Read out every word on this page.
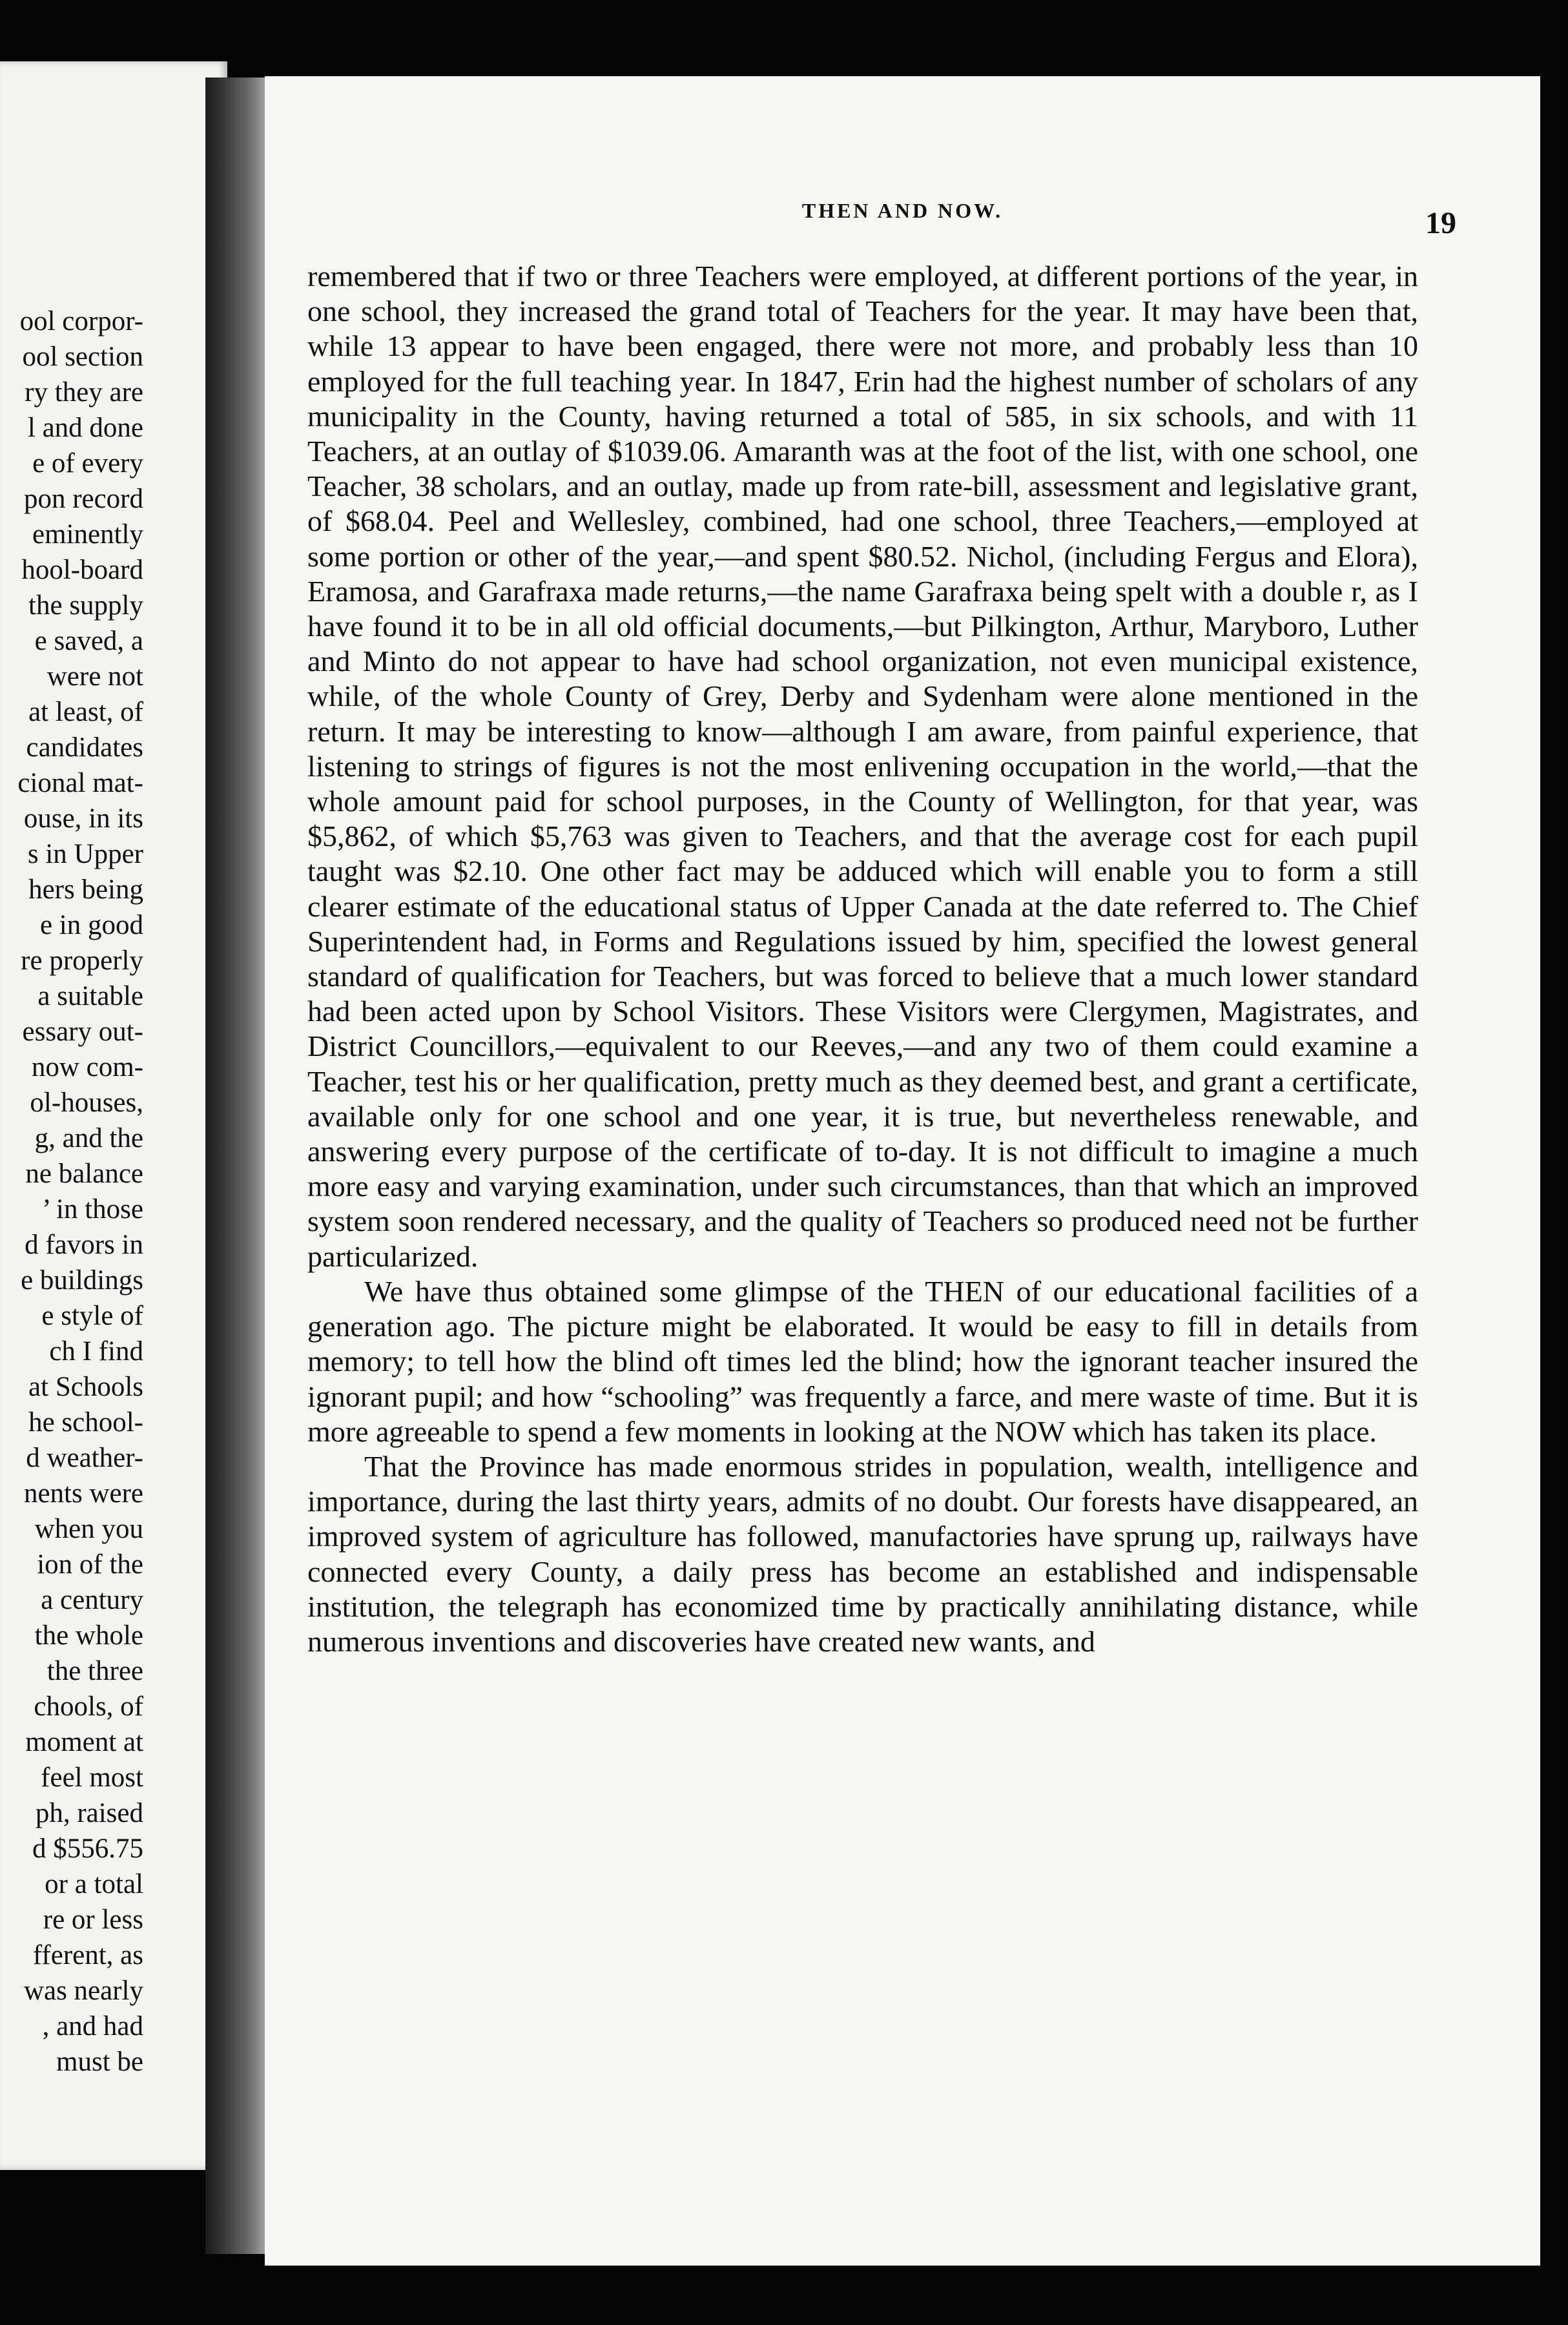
ool corpor-
ool section
ry they are
l and done
e of every
pon record
eminently
hool-board
the supply
e saved, a
were not
at least, of
candidates
cional mat-
ouse, in its
s in Upper
hers being
e in good
re properly
a suitable
essary out-
now com-
ol-houses,
g, and the
ne balance
’ in those
d favors in
e buildings
e style of
ch I find
at Schools
he school-
d weather-
nents were
when you
ion of the
a century
the whole
the three
chools, of
moment at
feel most
ph, raised
d $556.75
or a total
re or less
fferent, as
was nearly
, and had
must be
THEN AND NOW.	19

remembered that if two or three Teachers were employed, at different portions of the year, in one school, they increased the grand total of Teachers for the year. It may have been that, while 13 appear to have been engaged, there were not more, and probably less than 10 employed for the full teaching year. In 1847, Erin had the highest number of scholars of any municipality in the County, having returned a total of 585, in six schools, and with 11 Teachers, at an outlay of $1039.06. Amaranth was at the foot of the list, with one school, one Teacher, 38 scholars, and an outlay, made up from rate-bill, assessment and legislative grant, of $68.04. Peel and Wellesley, combined, had one school, three Teachers,—employed at some portion or other of the year,—and spent $80.52. Nichol, (including Fergus and Elora), Eramosa, and Garafraxa made returns,—the name Garafraxa being spelt with a double r, as I have found it to be in all old official documents,—but Pilkington, Arthur, Maryboro, Luther and Minto do not appear to have had school organization, not even municipal existence, while, of the whole County of Grey, Derby and Sydenham were alone mentioned in the return. It may be interesting to know—although I am aware, from painful experience, that listening to strings of figures is not the most enlivening occupation in the world,—that the whole amount paid for school purposes, in the County of Wellington, for that year, was $5,862, of which $5,763 was given to Teachers, and that the average cost for each pupil taught was $2.10. One other fact may be adduced which will enable you to form a still clearer estimate of the educational status of Upper Canada at the date referred to. The Chief Superintendent had, in Forms and Regulations issued by him, specified the lowest general standard of qualification for Teachers, but was forced to believe that a much lower standard had been acted upon by School Visitors. These Visitors were Clergymen, Magistrates, and District Councillors,—equivalent to our Reeves,—and any two of them could examine a Teacher, test his or her qualification, pretty much as they deemed best, and grant a certificate, available only for one school and one year, it is true, but nevertheless renewable, and answering every purpose of the certificate of to-day. It is not difficult to imagine a much more easy and varying examination, under such circumstances, than that which an improved system soon rendered necessary, and the quality of Teachers so produced need not be further particularized.

We have thus obtained some glimpse of the THEN of our educational facilities of a generation ago. The picture might be elaborated. It would be easy to fill in details from memory; to tell how the blind oft times led the blind; how the ignorant teacher insured the ignorant pupil; and how “schooling” was frequently a farce, and mere waste of time. But it is more agreeable to spend a few moments in looking at the NOW which has taken its place.

That the Province has made enormous strides in population, wealth, intelligence and importance, during the last thirty years, admits of no doubt. Our forests have disappeared, an improved system of agriculture has followed, manufactories have sprung up, railways have connected every County, a daily press has become an established and indispensable institution, the telegraph has economized time by practically annihilating distance, while numerous inventions and discoveries have created new wants, and
